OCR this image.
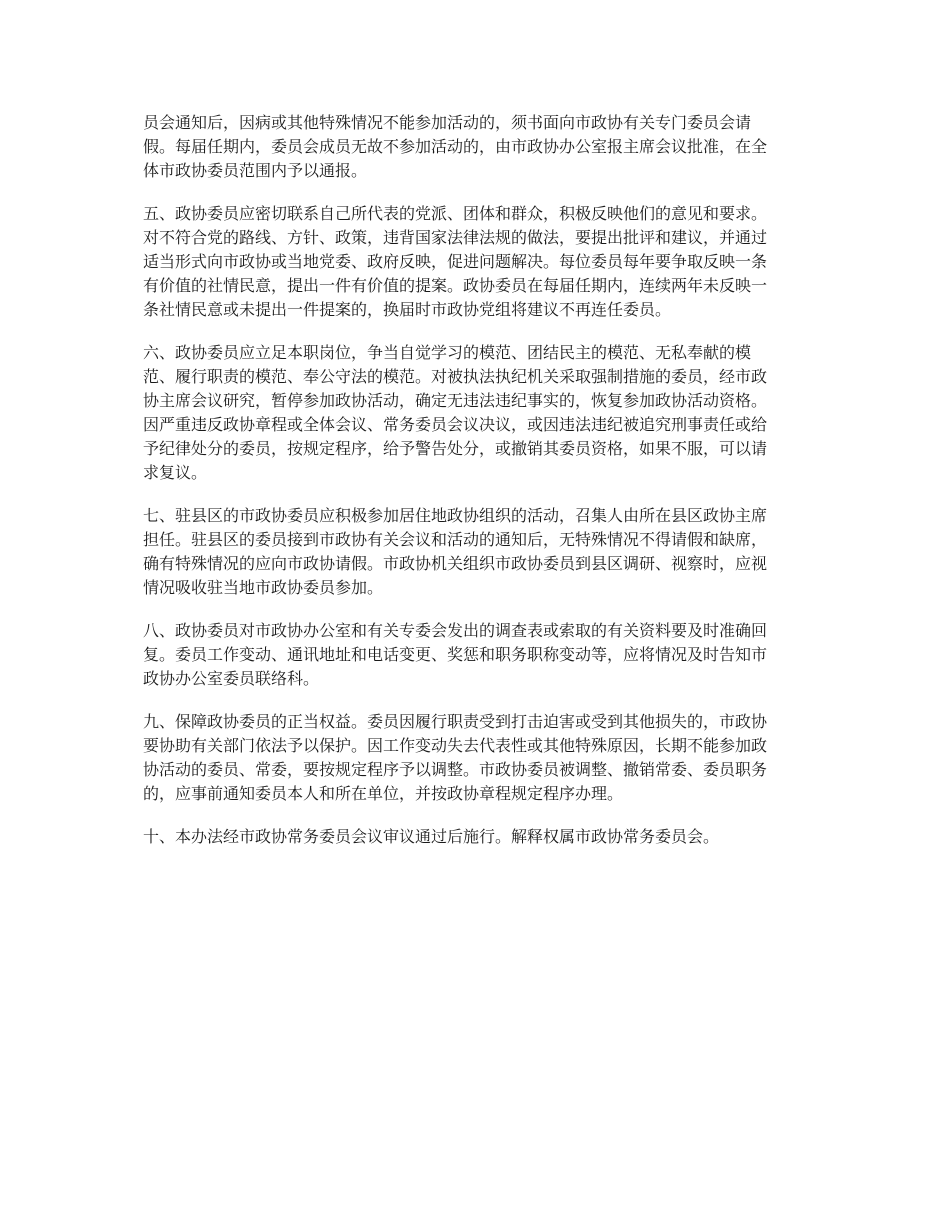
员会通知后，因病或其他特殊情况不能参加活动的，须书面向市政协有关专门委员会请
假。每届任期内，委员会成员无故不参加活动的，由市政协办公室报主席会议批准，在全
体市政协委员范围内予以通报。

五、政协委员应密切联系自己所代表的党派、团体和群众，积极反映他们的意见和要求。
对不符合党的路线、方针、政策，违背国家法律法规的做法，要提出批评和建议，并通过
适当形式向市政协或当地党委、政府反映，促进问题解决。每位委员每年要争取反映一条
有价值的社情民意，提出一件有价值的提案。政协委员在每届任期内，连续两年未反映一
条社情民意或未提出一件提案的，换届时市政协党组将建议不再连任委员。

六、政协委员应立足本职岗位，争当自觉学习的模范、团结民主的模范、无私奉献的模
范、履行职责的模范、奉公守法的模范。对被执法执纪机关采取强制措施的委员，经市政
协主席会议研究，暂停参加政协活动，确定无违法违纪事实的，恢复参加政协活动资格。
因严重违反政协章程或全体会议、常务委员会议决议，或因违法违纪被追究刑事责任或给
予纪律处分的委员，按规定程序，给予警告处分，或撤销其委员资格，如果不服，可以请
求复议。

七、驻县区的市政协委员应积极参加居住地政协组织的活动，召集人由所在县区政协主席
担任。驻县区的委员接到市政协有关会议和活动的通知后，无特殊情况不得请假和缺席，
确有特殊情况的应向市政协请假。市政协机关组织市政协委员到县区调研、视察时，应视
情况吸收驻当地市政协委员参加。

八、政协委员对市政协办公室和有关专委会发出的调查表或索取的有关资料要及时准确回
复。委员工作变动、通讯地址和电话变更、奖惩和职务职称变动等，应将情况及时告知市
政协办公室委员联络科。

九、保障政协委员的正当权益。委员因履行职责受到打击迫害或受到其他损失的，市政协
要协助有关部门依法予以保护。因工作变动失去代表性或其他特殊原因，长期不能参加政
协活动的委员、常委，要按规定程序予以调整。市政协委员被调整、撤销常委、委员职务
的，应事前通知委员本人和所在单位，并按政协章程规定程序办理。

十、本办法经市政协常务委员会议审议通过后施行。解释权属市政协常务委员会。
